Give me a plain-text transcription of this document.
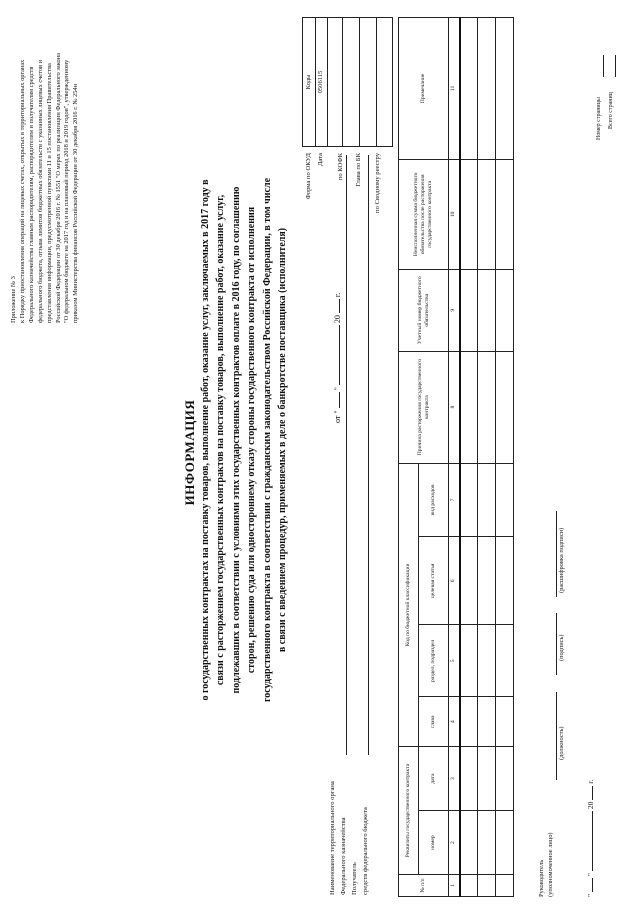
Приложение № 3 к Порядку приостановления операций на лицевых счетах, открытых в территориальных органах Федерального казначейства главным распорядителям, распорядителям и получателям средств федерального бюджета, отзыва лимитов бюджетных обязательств с указанных лицевых счетов и представления информации, предусмотренной пунктами 11 и 15 постановления Правительства Российской Федерации от 30 декабря 2016 г. № 1551 "О мерах по реализации Федерального закона "О федеральном бюджете на 2017 год и на плановый период 2018 и 2019 годов", утвержденному приказом Министерства финансов Российской Федерации от 30 декабря 2016 г. № 254н
ИНФОРМАЦИЯ о государственных контрактах на поставку товаров, выполнение работ, оказание услуг, заключаемых в 2017 году в связи с расторжением государственных контрактов на поставку товаров, выполнение работ, оказание услуг, подлежавших в соответствии с условиями этих государственных контрактов оплате в 2016 году, по соглашению сторон, решению суда или одностороннему отказу стороны государственного контракта от исполнения государственного контракта в соответствии с гражданским законодательством Российской Федерации, в том числе в связи с введением процедур, применяемых в деле о банкротстве поставщика (исполнителя)	от "  "  20  г.
Наименование территориального органа Федерального казначейства Получатель средств федерального бюджета
Форма по ОКУД Дата по КОФК Глава по БК по Сводному реестру
Коды 0506115
№ п/п	Реквизиты государственного контракта		Код по бюджетной классификации				Причина расторжения государственного контракта	Учетный номер бюджетного обязательства	Неисполненная сумма бюджетного обязательства после расторжения государственного контракта	Примечание
	номер	дата	глава	раздел, подраздел	целевая статья	вид расходов				
1	2	3	4	5	6	7	8	9	10	11

Руководитель (уполномоченное лицо)
(должность)
(подпись)
(расшифровка подписи)
"  "  20  г.
Номер страницы Всего страниц
